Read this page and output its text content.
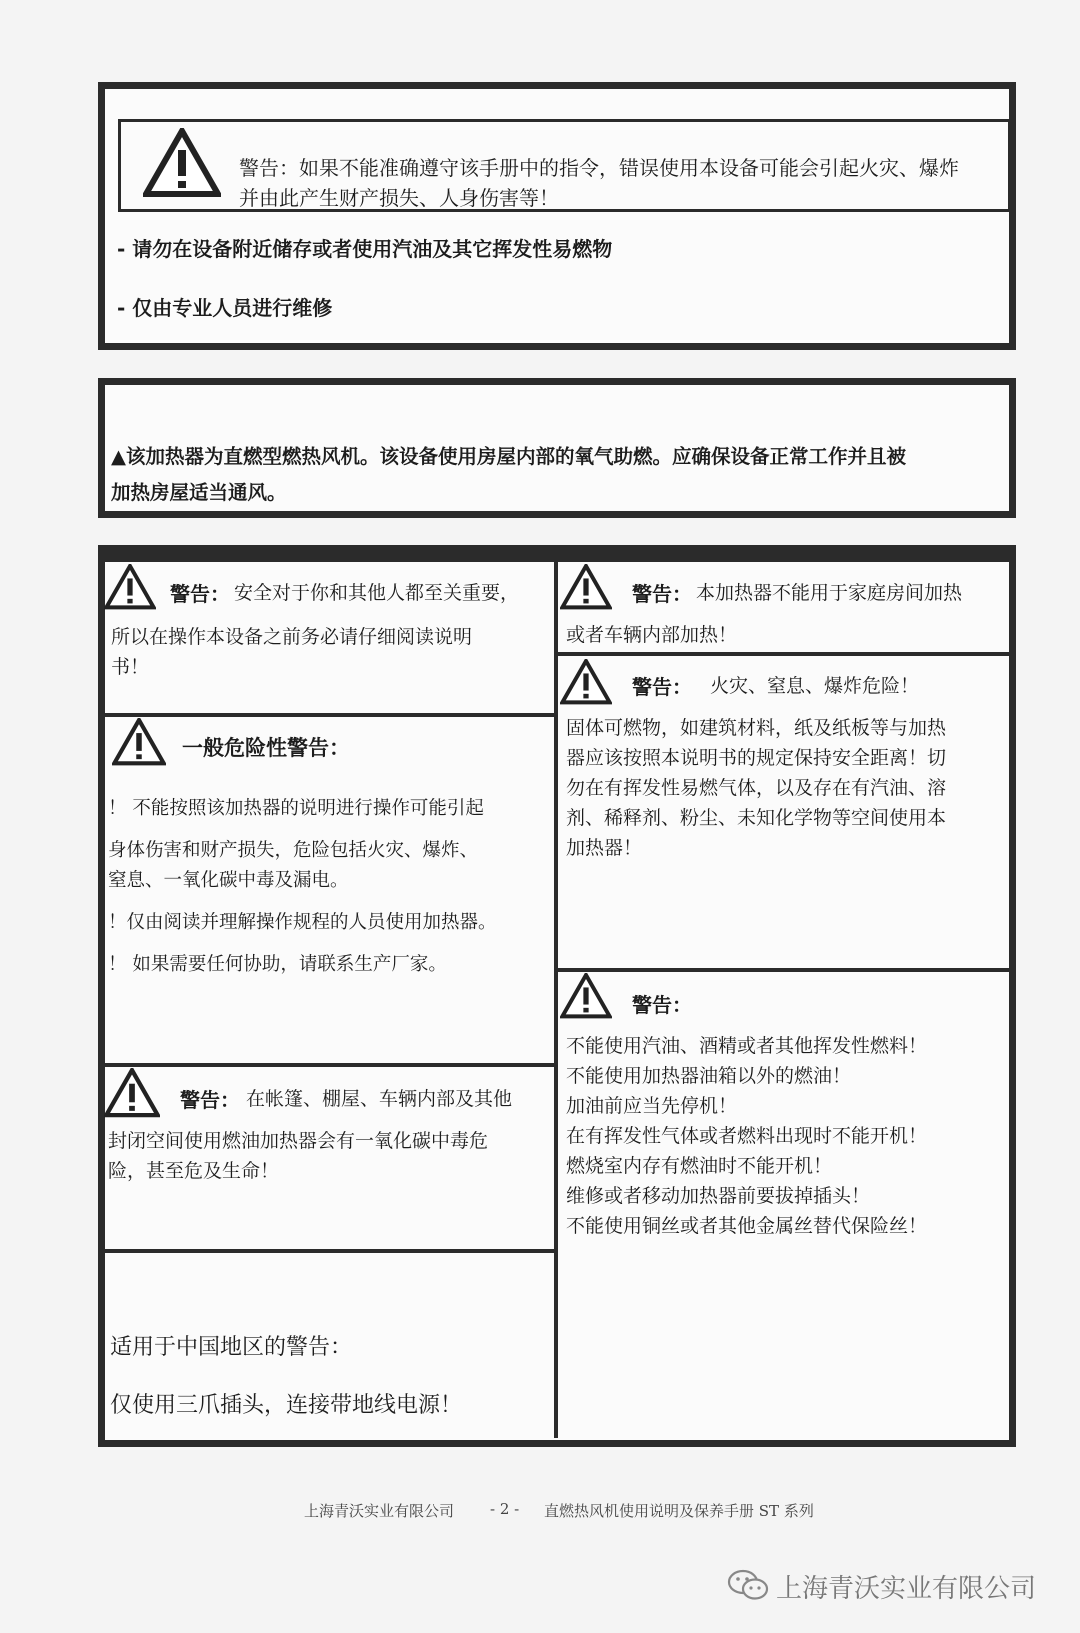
警告：如果不能准确遵守该手册中的指令，错误使用本设备可能会引起火灾、爆炸
并由此产生财产损失、人身伤害等！
- 请勿在设备附近储存或者使用汽油及其它挥发性易燃物
- 仅由专业人员进行维修
▲该加热器为直燃型燃热风机。该设备使用房屋内部的氧气助燃。应确保设备正常工作并且被
加热房屋适当通风。
警告： 安全对于你和其他人都至关重要，
所以在操作本设备之前务必请仔细阅读说明
书！
一般危险性警告：
！ 不能按照该加热器的说明进行操作可能引起
身体伤害和财产损失，危险包括火灾、爆炸、
窒息、一氧化碳中毒及漏电。
！仅由阅读并理解操作规程的人员使用加热器。
！ 如果需要任何协助，请联系生产厂家。
警告： 在帐篷、棚屋、车辆内部及其他
封闭空间使用燃油加热器会有一氧化碳中毒危
险，甚至危及生命！
适用于中国地区的警告：
仅使用三爪插头，连接带地线电源！
警告： 本加热器不能用于家庭房间加热
或者车辆内部加热！
警告： 火灾、窒息、爆炸危险！
固体可燃物，如建筑材料，纸及纸板等与加热
器应该按照本说明书的规定保持安全距离！切
勿在有挥发性易燃气体，以及存在有汽油、溶
剂、稀释剂、粉尘、未知化学物等空间使用本
加热器！
警告：
不能使用汽油、酒精或者其他挥发性燃料！
不能使用加热器油箱以外的燃油！
加油前应当先停机！
在有挥发性气体或者燃料出现时不能开机！
燃烧室内存有燃油时不能开机！
维修或者移动加热器前要拔掉插头！
不能使用铜丝或者其他金属丝替代保险丝！
上海青沃实业有限公司 - 2 - 直燃热风机使用说明及保养手册 ST 系列
上海青沃实业有限公司
